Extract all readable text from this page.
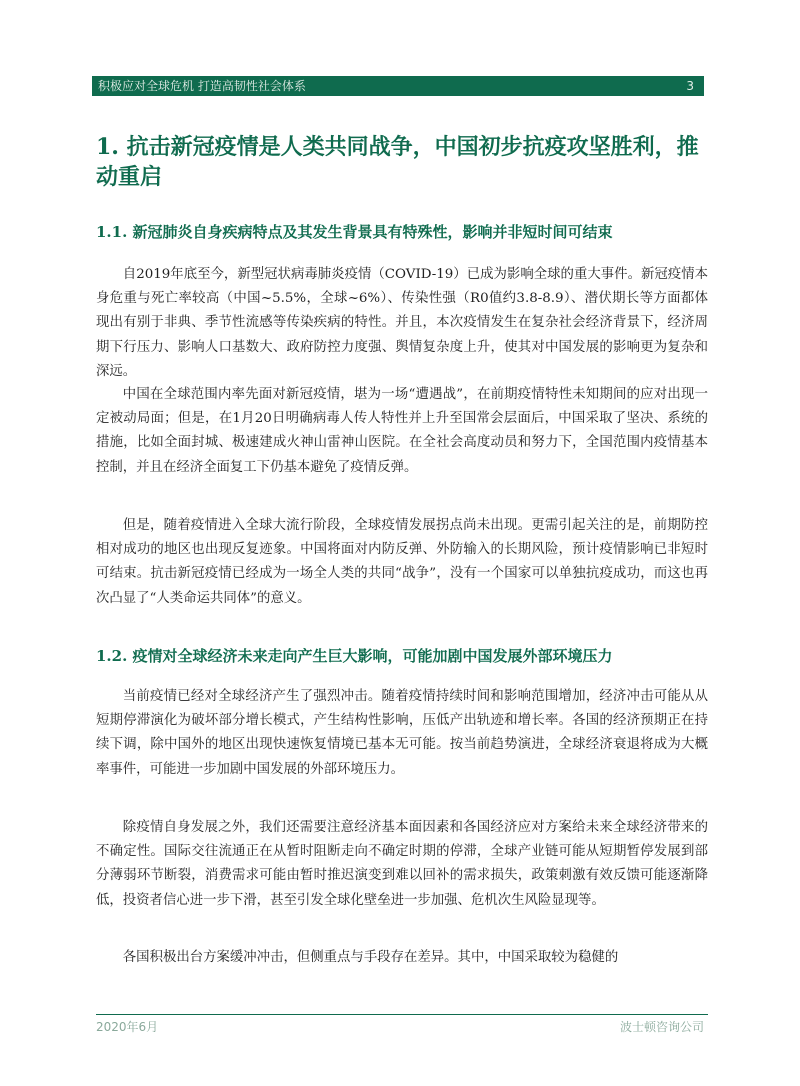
积极应对全球危机 打造高韧性社会体系	3
1. 抗击新冠疫情是人类共同战争，中国初步抗疫攻坚胜利，推动重启
1.1. 新冠肺炎自身疾病特点及其发生背景具有特殊性，影响并非短时间可结束

自2019年底至今，新型冠状病毒肺炎疫情（COVID-19）已成为影响全球的重大事件。新冠疫情本身危重与死亡率较高（中国~5.5%，全球~6%）、传染性强（R0值约3.8-8.9）、潜伏期长等方面都体现出有别于非典、季节性流感等传染疾病的特性。并且，本次疫情发生在复杂社会经济背景下，经济周期下行压力、影响人口基数大、政府防控力度强、舆情复杂度上升，使其对中国发展的影响更为复杂和深远。

中国在全球范围内率先面对新冠疫情，堪为一场“遭遇战”，在前期疫情特性未知期间的应对出现一定被动局面；但是，在1月20日明确病毒人传人特性并上升至国常会层面后，中国采取了坚决、系统的措施，比如全面封城、极速建成火神山雷神山医院。在全社会高度动员和努力下，全国范围内疫情基本控制，并且在经济全面复工下仍基本避免了疫情反弹。

但是，随着疫情进入全球大流行阶段，全球疫情发展拐点尚未出现。更需引起关注的是，前期防控相对成功的地区也出现反复迹象。中国将面对内防反弹、外防输入的长期风险，预计疫情影响已非短时可结束。抗击新冠疫情已经成为一场全人类的共同“战争”，没有一个国家可以单独抗疫成功，而这也再次凸显了“人类命运共同体”的意义。

1.2. 疫情对全球经济未来走向产生巨大影响，可能加剧中国发展外部环境压力

当前疫情已经对全球经济产生了强烈冲击。随着疫情持续时间和影响范围增加，经济冲击可能从从短期停滞演化为破坏部分增长模式，产生结构性影响，压低产出轨迹和增长率。各国的经济预期正在持续下调，除中国外的地区出现快速恢复情境已基本无可能。按当前趋势演进，全球经济衰退将成为大概率事件，可能进一步加剧中国发展的外部环境压力。

除疫情自身发展之外，我们还需要注意经济基本面因素和各国经济应对方案给未来全球经济带来的不确定性。国际交往流通正在从暂时阻断走向不确定时期的停滞，全球产业链可能从短期暂停发展到部分薄弱环节断裂，消费需求可能由暂时推迟演变到难以回补的需求损失，政策刺激有效反馈可能逐渐降低，投资者信心进一步下滑，甚至引发全球化壁垒进一步加强、危机次生风险显现等。

各国积极出台方案缓冲冲击，但侧重点与手段存在差异。其中，中国采取较为稳健的

2020年6月	波士顿咨询公司
